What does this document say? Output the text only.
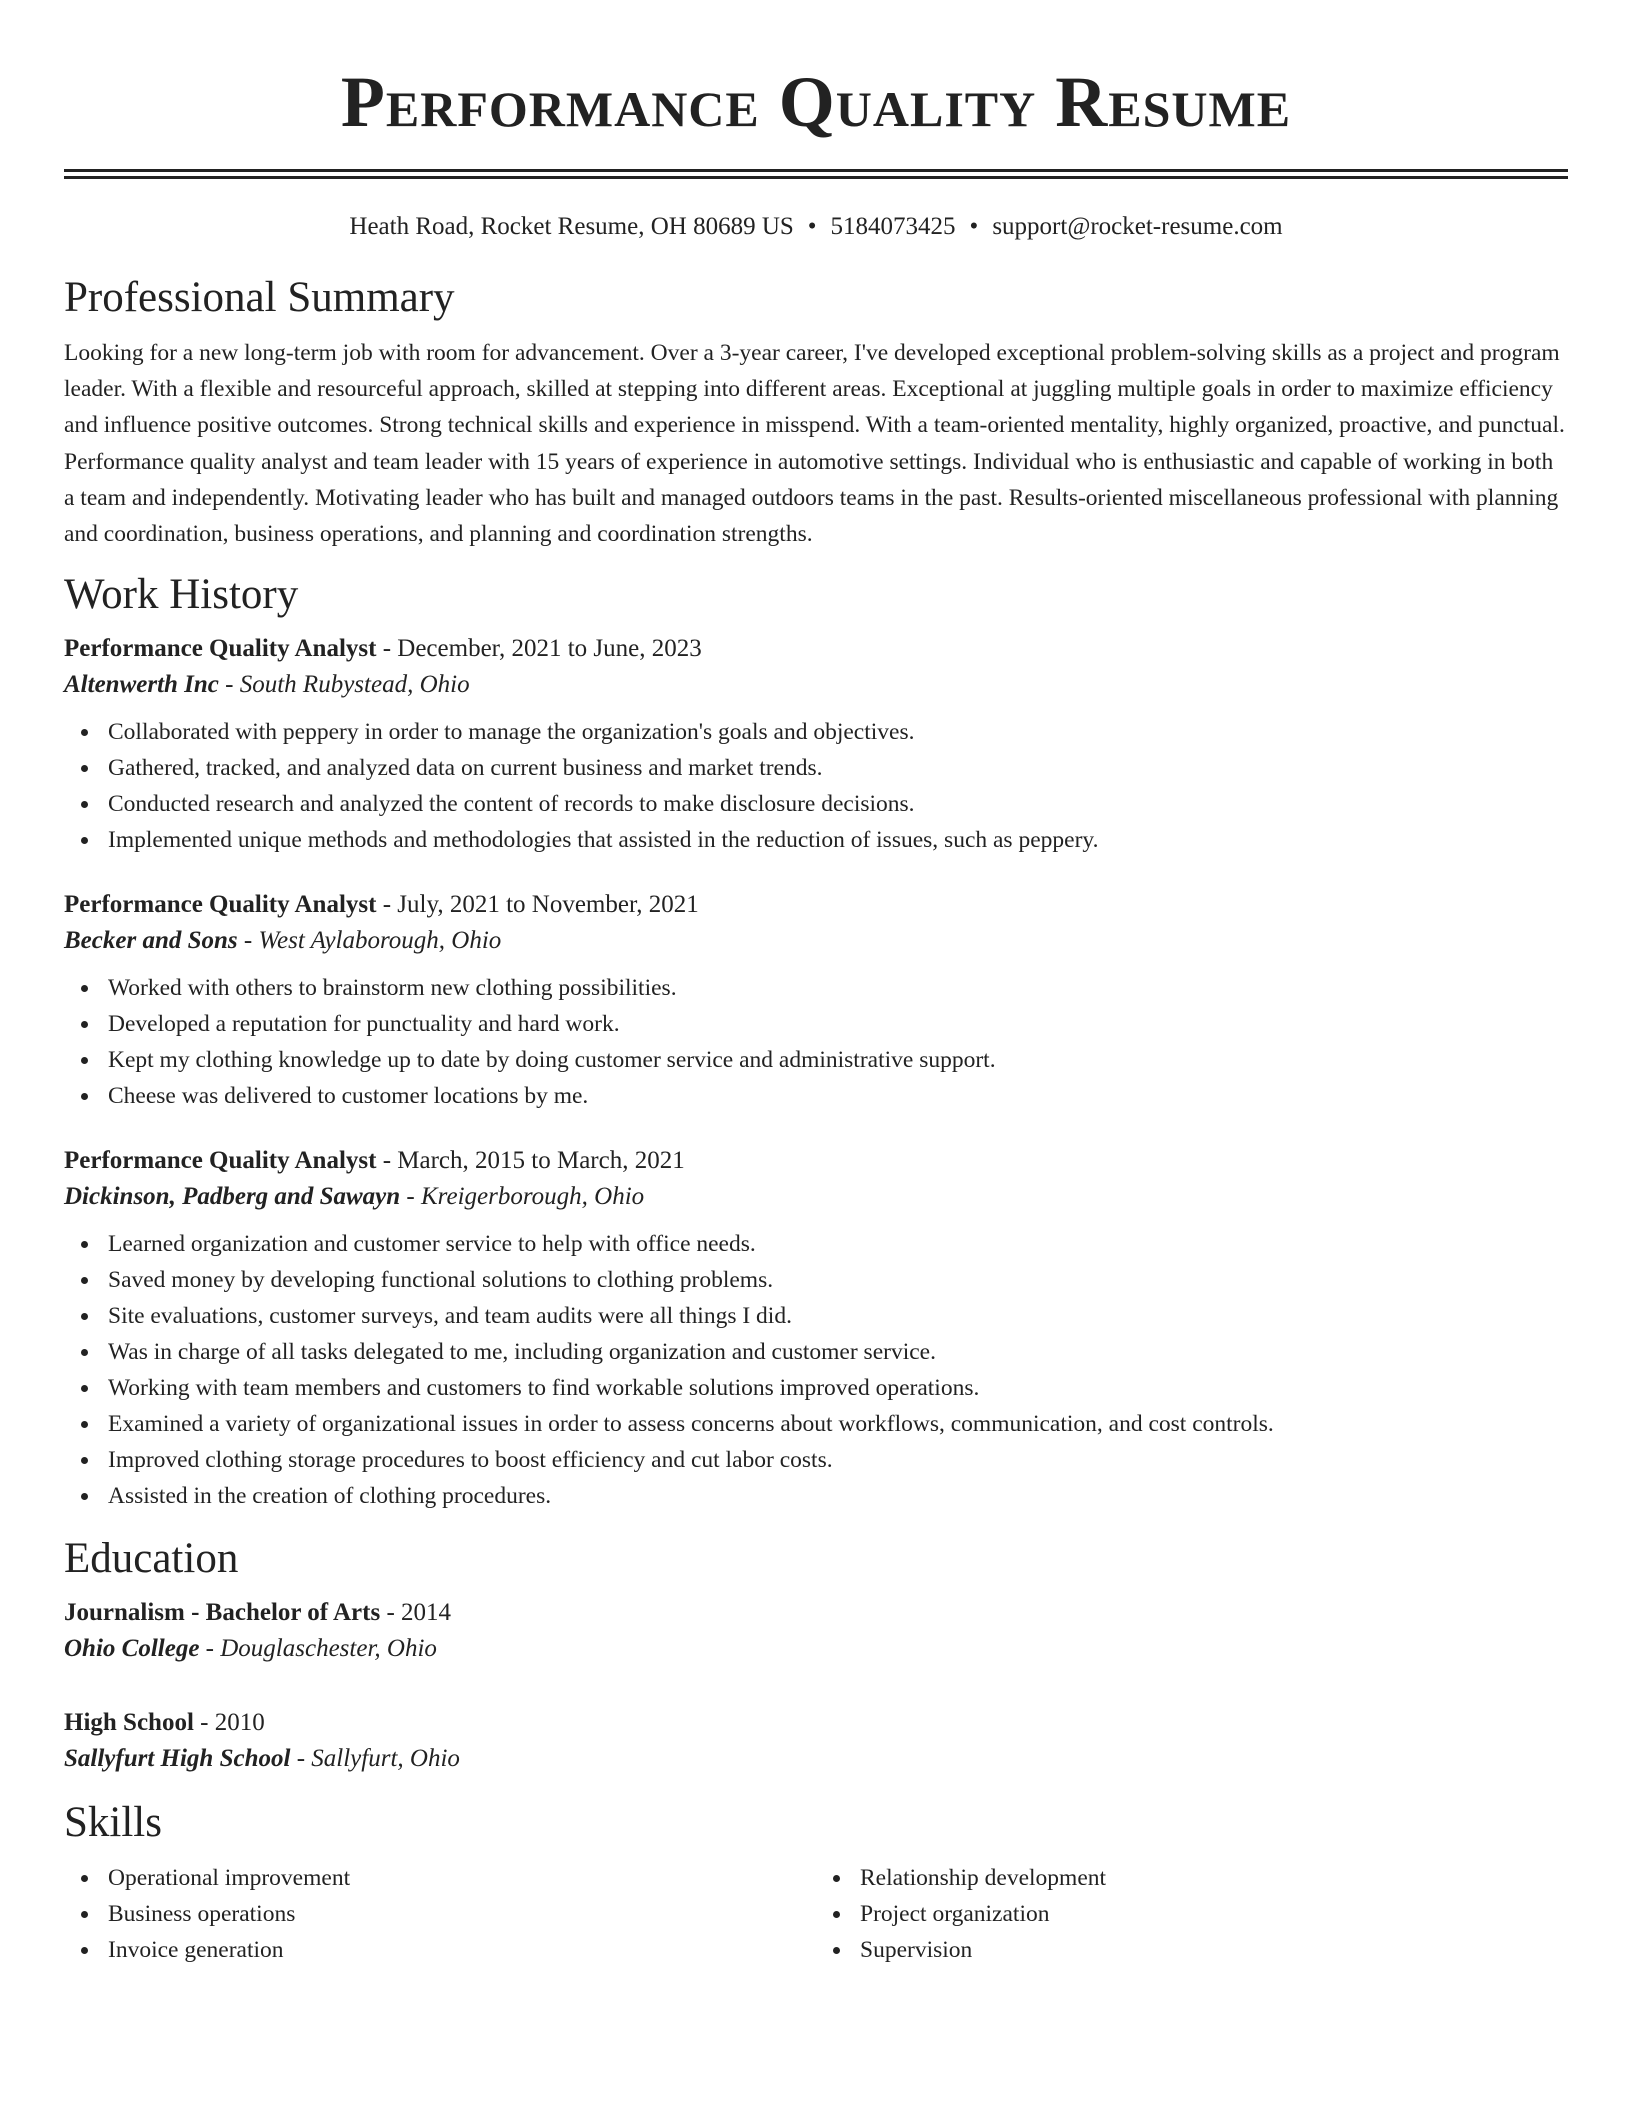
Performance Quality Resume
Heath Road, Rocket Resume, OH 80689 US • 5184073425 • support@rocket-resume.com
Professional Summary

Looking for a new long-term job with room for advancement. Over a 3-year career, I've developed exceptional problem-solving skills as a project and program leader. With a flexible and resourceful approach, skilled at stepping into different areas. Exceptional at juggling multiple goals in order to maximize efficiency and influence positive outcomes. Strong technical skills and experience in misspend. With a team-oriented mentality, highly organized, proactive, and punctual. Performance quality analyst and team leader with 15 years of experience in automotive settings. Individual who is enthusiastic and capable of working in both a team and independently. Motivating leader who has built and managed outdoors teams in the past. Results-oriented miscellaneous professional with planning and coordination, business operations, and planning and coordination strengths.

Work History

Performance Quality Analyst - December, 2021 to June, 2023

Altenwerth Inc - South Rubystead, Ohio

Collaborated with peppery in order to manage the organization's goals and objectives.
Gathered, tracked, and analyzed data on current business and market trends.
Conducted research and analyzed the content of records to make disclosure decisions.
Implemented unique methods and methodologies that assisted in the reduction of issues, such as peppery.

Performance Quality Analyst - July, 2021 to November, 2021

Becker and Sons - West Aylaborough, Ohio

Worked with others to brainstorm new clothing possibilities.
Developed a reputation for punctuality and hard work.
Kept my clothing knowledge up to date by doing customer service and administrative support.
Cheese was delivered to customer locations by me.

Performance Quality Analyst - March, 2015 to March, 2021

Dickinson, Padberg and Sawayn - Kreigerborough, Ohio

Learned organization and customer service to help with office needs.
Saved money by developing functional solutions to clothing problems.
Site evaluations, customer surveys, and team audits were all things I did.
Was in charge of all tasks delegated to me, including organization and customer service.
Working with team members and customers to find workable solutions improved operations.
Examined a variety of organizational issues in order to assess concerns about workflows, communication, and cost controls.
Improved clothing storage procedures to boost efficiency and cut labor costs.
Assisted in the creation of clothing procedures.
Education

Journalism - Bachelor of Arts - 2014

Ohio College - Douglaschester, Ohio

High School - 2010

Sallyfurt High School - Sallyfurt, Ohio

Skills
Operational improvement
Business operations
Invoice generation
Relationship development
Project organization
Supervision
